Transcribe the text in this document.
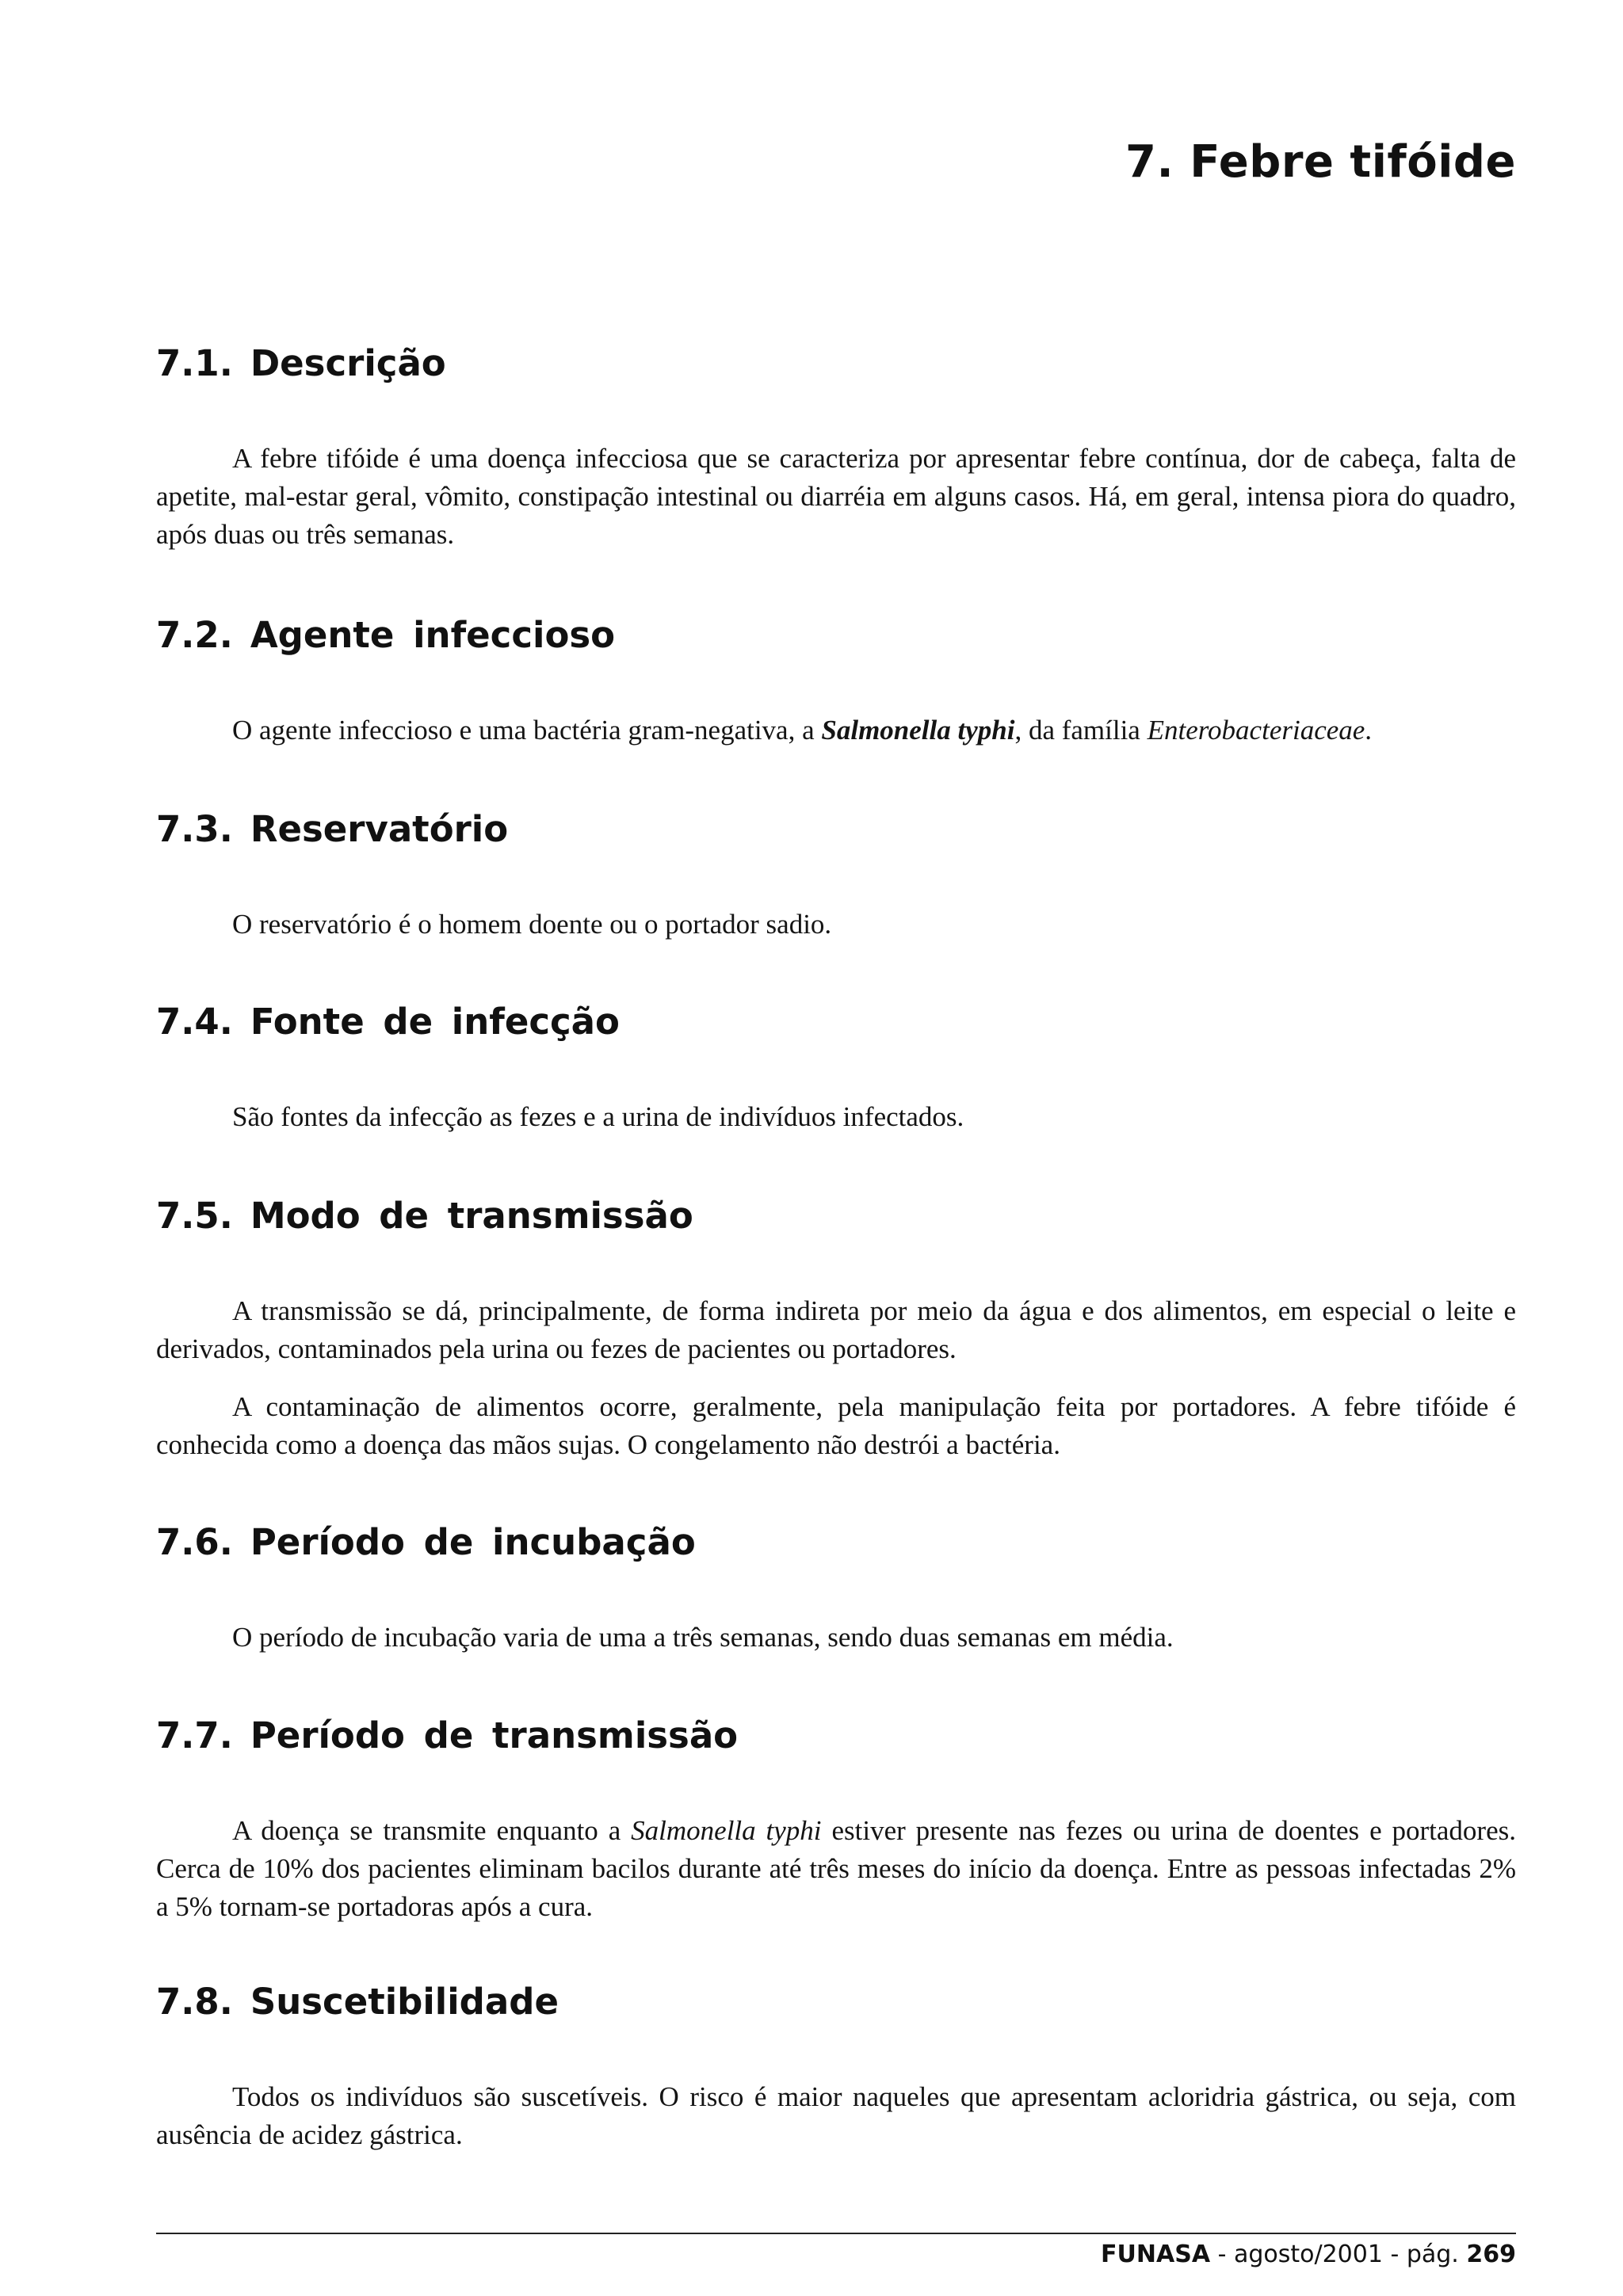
7. Febre tifóide
7.1. Descrição

A febre tifóide é uma doença infecciosa que se caracteriza por apresentar febre contínua, dor de cabeça, falta de apetite, mal-estar geral, vômito, constipação intestinal ou diarréia em alguns casos. Há, em geral, intensa piora do quadro, após duas ou três semanas.

7.2. Agente infeccioso

O agente infeccioso e uma bactéria gram-negativa, a Salmonella typhi, da família Enterobacteriaceae.

7.3. Reservatório

O reservatório é o homem doente ou o portador sadio.

7.4. Fonte de infecção

São fontes da infecção as fezes e a urina de indivíduos infectados.

7.5. Modo de transmissão

A transmissão se dá, principalmente, de forma indireta por meio da água e dos alimentos, em especial o leite e derivados, contaminados pela urina ou fezes de pacientes ou portadores.

A contaminação de alimentos ocorre, geralmente, pela manipulação feita por portadores. A febre tifóide é conhecida como a doença das mãos sujas. O congelamento não destrói a bactéria.

7.6. Período de incubação

O período de incubação varia de uma a três semanas, sendo duas semanas em média.

7.7. Período de transmissão

A doença se transmite enquanto a Salmonella typhi estiver presente nas fezes ou urina de doentes e portadores. Cerca de 10% dos pacientes eliminam bacilos durante até três meses do início da doença. Entre as pessoas infectadas 2% a 5% tornam-se portadoras após a cura.

7.8. Suscetibilidade

Todos os indivíduos são suscetíveis. O risco é maior naqueles que apresentam acloridria gástrica, ou seja, com ausência de acidez gástrica.

FUNASA - agosto/2001 - pág. 269
